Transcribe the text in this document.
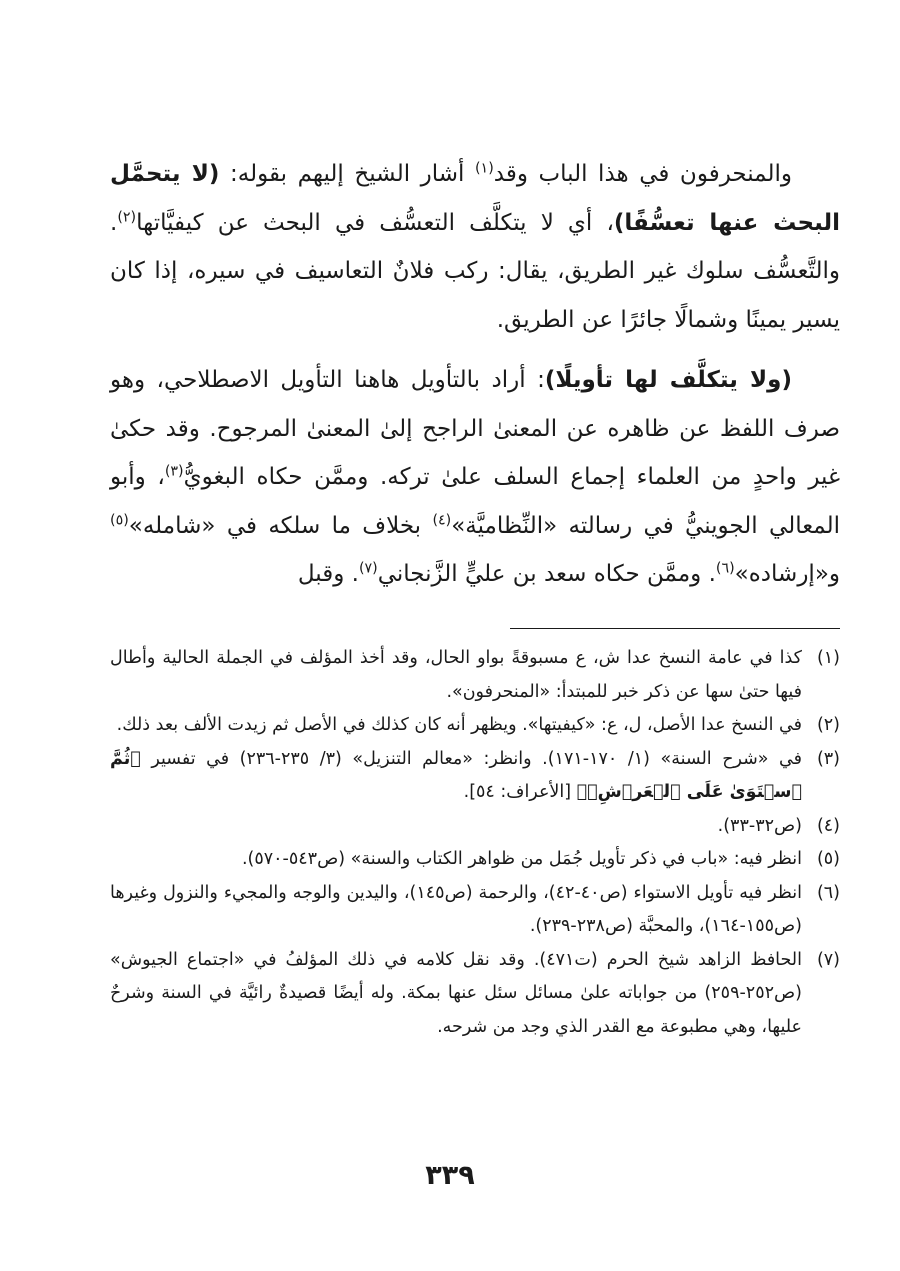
والمنحرفون في هذا الباب وقد$^{(١)}$ أشار الشيخ إليهم بقوله: (لا يتحمَّل البحث عنها تعسُّفًا)، أي لا يتكلَّف التعسُّف في البحث عن كيفيَّاتها$^{(٢)}$. والتَّعسُّف سلوك غير الطريق، يقال: ركب فلانٌ التعاسيف في سيره، إذا كان يسير يمينًا وشمالًا جائرًا عن الطريق.

(ولا يتكلَّف لها تأويلًا): أراد بالتأويل هاهنا التأويل الاصطلاحي، وهو صرف اللفظ عن ظاهره عن المعنىٰ الراجح إلىٰ المعنىٰ المرجوح. وقد حكىٰ غير واحدٍ من العلماء إجماع السلف علىٰ تركه. وممَّن حكاه البغويُّ$^{(٣)}$، وأبو المعالي الجوينيُّ في رسالته «النِّظاميَّة»$^{(٤)}$ بخلاف ما سلكه في «شامله»$^{(٥)}$ و«إرشاده»$^{(٦)}$. وممَّن حكاه سعد بن عليٍّ الزَّنجاني$^{(٧)}$. وقبل

(١)
كذا في عامة النسخ عدا ش، ع مسبوقةً بواو الحال، وقد أخذ المؤلف في الجملة الحالية وأطال فيها حتىٰ سها عن ذكر خبر للمبتدأ: «المنحرفون».
(٢)
في النسخ عدا الأصل، ل، ع: «كيفيتها». ويظهر أنه كان كذلك في الأصل ثم زيدت الألف بعد ذلك.
(٣)
في «شرح السنة» (١/ ١٧٠-١٧١). وانظر: «معالم التنزيل» (٣/ ٢٣٥-٢٣٦) في تفسير ﴿ثُمَّ ٱسۡتَوَىٰ عَلَى ٱلۡعَرۡشِۖ﴾ [الأعراف: ٥٤].
(٤)
(ص٣٢-٣٣).
(٥)
انظر فيه: «باب في ذكر تأويل جُمَل من ظواهر الكتاب والسنة» (ص٥٤٣-٥٧٠).
(٦)
انظر فيه تأويل الاستواء (ص٤٠-٤٢)، والرحمة (ص١٤٥)، واليدين والوجه والمجيء والنزول وغيرها (ص١٥٥-١٦٤)، والمحبَّة (ص٢٣٨-٢٣٩).
(٧)
الحافظ الزاهد شيخ الحرم (ت٤٧١). وقد نقل كلامه في ذلك المؤلفُ في «اجتماع الجيوش» (ص٢٥٢-٢٥٩) من جواباته علىٰ مسائل سئل عنها بمكة. وله أيضًا قصيدةٌ رائيَّة في السنة وشرحٌ عليها، وهي مطبوعة مع القدر الذي وجد من شرحه.
٣٣٩
